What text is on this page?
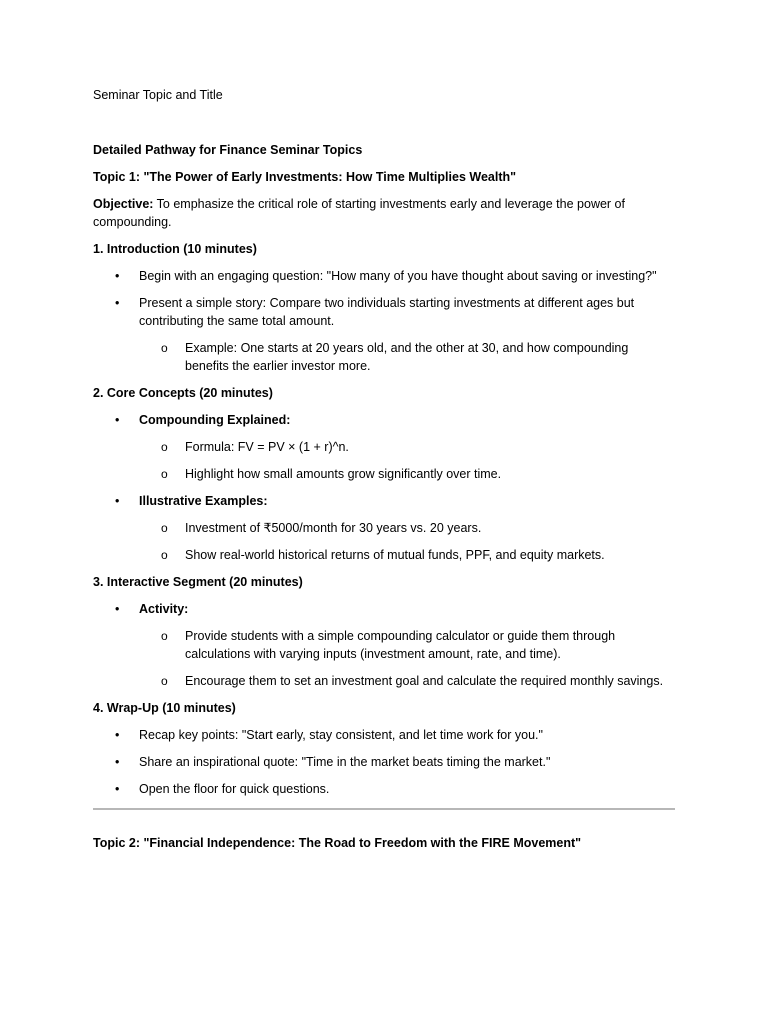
Seminar Topic and Title

Detailed Pathway for Finance Seminar Topics

Topic 1: "The Power of Early Investments: How Time Multiplies Wealth"

Objective: To emphasize the critical role of starting investments early and leverage the power of compounding.

1. Introduction (10 minutes)

• Begin with an engaging question: "How many of you have thought about saving or investing?"
• Present a simple story: Compare two individuals starting investments at different ages but contributing the same total amount.
o Example: One starts at 20 years old, and the other at 30, and how compounding benefits the earlier investor more.

2. Core Concepts (20 minutes)

• Compounding Explained:
o Formula: FV = PV × (1 + r)^n.
o Highlight how small amounts grow significantly over time.
• Illustrative Examples:
o Investment of ₹5000/month for 30 years vs. 20 years.
o Show real-world historical returns of mutual funds, PPF, and equity markets.

3. Interactive Segment (20 minutes)

• Activity:
o Provide students with a simple compounding calculator or guide them through calculations with varying inputs (investment amount, rate, and time).
o Encourage them to set an investment goal and calculate the required monthly savings.

4. Wrap-Up (10 minutes)

• Recap key points: "Start early, stay consistent, and let time work for you."
• Share an inspirational quote: "Time in the market beats timing the market."
• Open the floor for quick questions.

Topic 2: "Financial Independence: The Road to Freedom with the FIRE Movement"
